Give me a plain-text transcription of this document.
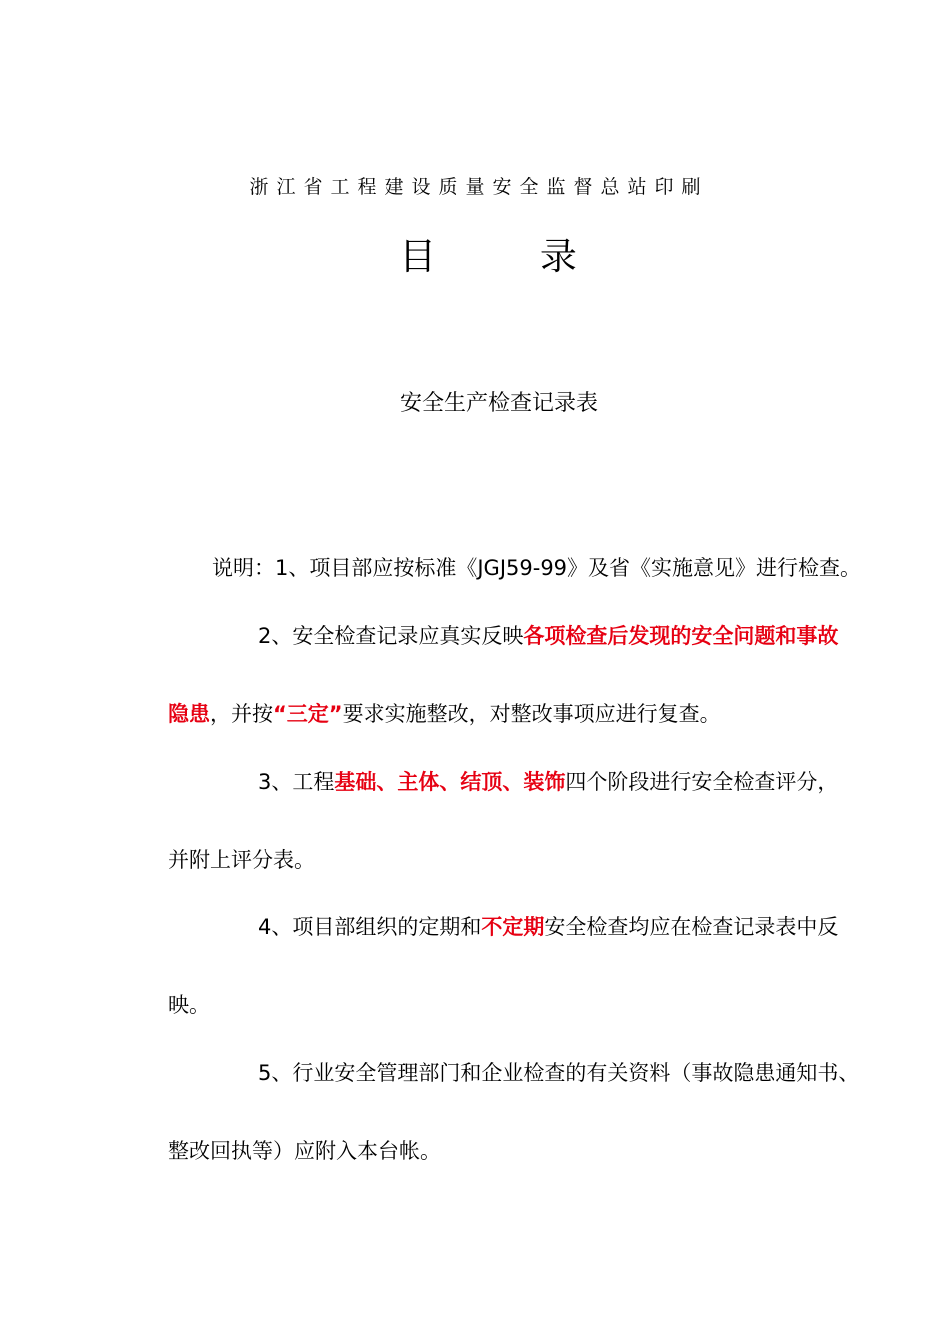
浙江省工程建设质量安全监督总站印刷
目 录
安全生产检查记录表
说明：1、项目部应按标准《JGJ59-99》及省《实施意见》进行检查。
2、安全检查记录应真实反映各项检查后发现的安全问题和事故
隐患，并按“三定”要求实施整改，对整改事项应进行复查。
3、工程基础、主体、结顶、装饰四个阶段进行安全检查评分，
并附上评分表。
4、项目部组织的定期和不定期安全检查均应在检查记录表中反
映。
5、行业安全管理部门和企业检查的有关资料（事故隐患通知书、
整改回执等）应附入本台帐。
